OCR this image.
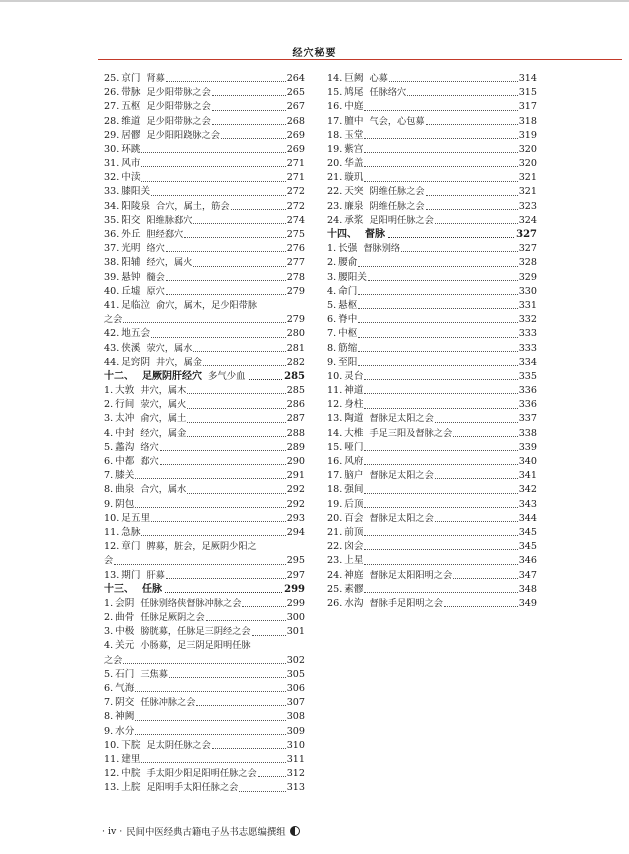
经穴秘要
25. 京门 肾募	264
26. 带脉 足少阳带脉之会	265
27. 五枢 足少阳带脉之会	267
28. 维道 足少阳带脉之会	268
29. 居髎 足少阳阳跷脉之会	269
30. 环跳	269
31. 风市	271
32. 中渎	271
33. 膝阳关	272
34. 阳陵泉 合穴，属土，筋会	272
35. 阳交 阳维脉郄穴	274
36. 外丘 胆经郄穴	275
37. 光明 络穴	276
38. 阳辅 经穴，属火	277
39. 悬钟 髓会	278
40. 丘墟 原穴	279
41. 足临泣 俞穴，属木，足少阳带脉
之会	279
42. 地五会	280
43. 侠溪 荥穴，属水	281
44. 足窍阴 井穴，属金	282
十二、 足厥阴肝经穴 多气少血	285
1. 大敦 井穴，属木	285
2. 行间 荥穴，属火	286
3. 太冲 俞穴，属土	287
4. 中封 经穴，属金	288
5. 蠡沟 络穴	289
6. 中都 郄穴	290
7. 膝关	291
8. 曲泉 合穴，属水	292
9. 阴包	292
10. 足五里	293
11. 急脉	294
12. 章门 脾募，脏会，足厥阴少阳之
会	295
13. 期门 肝募	297
十三、 任脉	299
1. 会阴 任脉别络侠督脉冲脉之会	299
2. 曲骨 任脉足厥阴之会	300
3. 中极 膀胱募，任脉足三阴经之会	301
4. 关元 小肠募，足三阴足阳明任脉
之会	302
5. 石门 三焦募	305
6. 气海	306
7. 阴交 任脉冲脉之会	307
8. 神阙	308
9. 水分	309
10. 下脘 足太阴任脉之会	310
11. 建里	311
12. 中脘 手太阳少阳足阳明任脉之会	312
13. 上脘 足阳明手太阳任脉之会	313
14. 巨阙 心募	314
15. 鸠尾 任脉络穴	315
16. 中庭	317
17. 膻中 气会，心包募	318
18. 玉堂	319
19. 紫宫	320
20. 华盖	320
21. 璇玑	321
22. 天突 阴维任脉之会	321
23. 廉泉 阴维任脉之会	323
24. 承浆 足阳明任脉之会	324
十四、 督脉	327
1. 长强 督脉别络	327
2. 腰俞	328
3. 腰阳关	329
4. 命门	330
5. 悬枢	331
6. 脊中	332
7. 中枢	333
8. 筋缩	333
9. 至阳	334
10. 灵台	335
11. 神道	336
12. 身柱	336
13. 陶道 督脉足太阳之会	337
14. 大椎 手足三阳及督脉之会	338
15. 哑门	339
16. 风府	340
17. 脑户 督脉足太阳之会	341
18. 强间	342
19. 后顶	343
20. 百会 督脉足太阳之会	344
21. 前顶	345
22. 囟会	345
23. 上星	346
24. 神庭 督脉足太阳阳明之会	347
25. 素髎	348
26. 水沟 督脉手足阳明之会	349
· iv · 民间中医经典古籍电子丛书志愿编撰组
